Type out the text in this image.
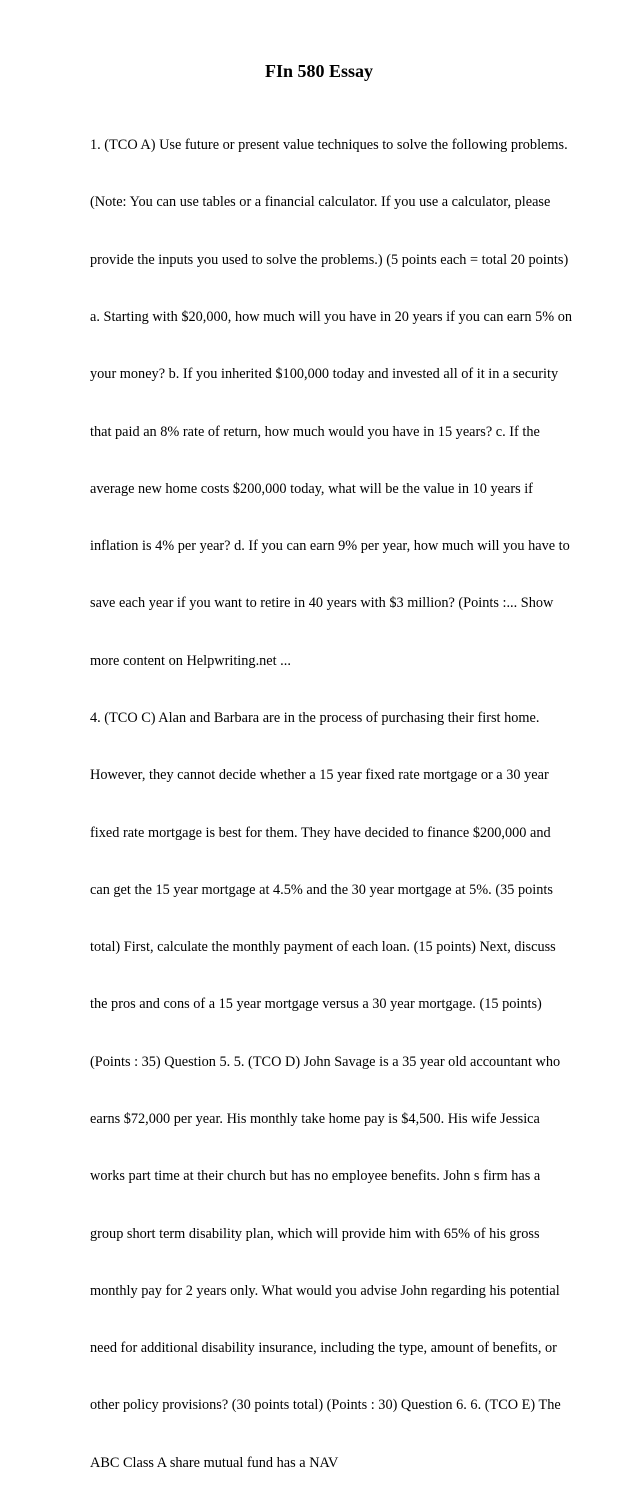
FIn 580 Essay

1. (TCO A) Use future or present value techniques to solve the following problems.

(Note: You can use tables or a financial calculator. If you use a calculator, please

provide the inputs you used to solve the problems.) (5 points each = total 20 points)

a. Starting with $20,000, how much will you have in 20 years if you can earn 5% on

your money? b. If you inherited $100,000 today and invested all of it in a security

that paid an 8% rate of return, how much would you have in 15 years? c. If the

average new home costs $200,000 today, what will be the value in 10 years if

inflation is 4% per year? d. If you can earn 9% per year, how much will you have to

save each year if you want to retire in 40 years with $3 million? (Points :... Show

more content on Helpwriting.net ...

4. (TCO C) Alan and Barbara are in the process of purchasing their first home.

However, they cannot decide whether a 15 year fixed rate mortgage or a 30 year

fixed rate mortgage is best for them. They have decided to finance $200,000 and

can get the 15 year mortgage at 4.5% and the 30 year mortgage at 5%. (35 points

total) First, calculate the monthly payment of each loan. (15 points) Next, discuss

the pros and cons of a 15 year mortgage versus a 30 year mortgage. (15 points)

(Points : 35) Question 5. 5. (TCO D) John Savage is a 35 year old accountant who

earns $72,000 per year. His monthly take home pay is $4,500. His wife Jessica

works part time at their church but has no employee benefits. John s firm has a

group short term disability plan, which will provide him with 65% of his gross

monthly pay for 2 years only. What would you advise John regarding his potential

need for additional disability insurance, including the type, amount of benefits, or

other policy provisions? (30 points total) (Points : 30) Question 6. 6. (TCO E) The

ABC Class A share mutual fund has a NAV
